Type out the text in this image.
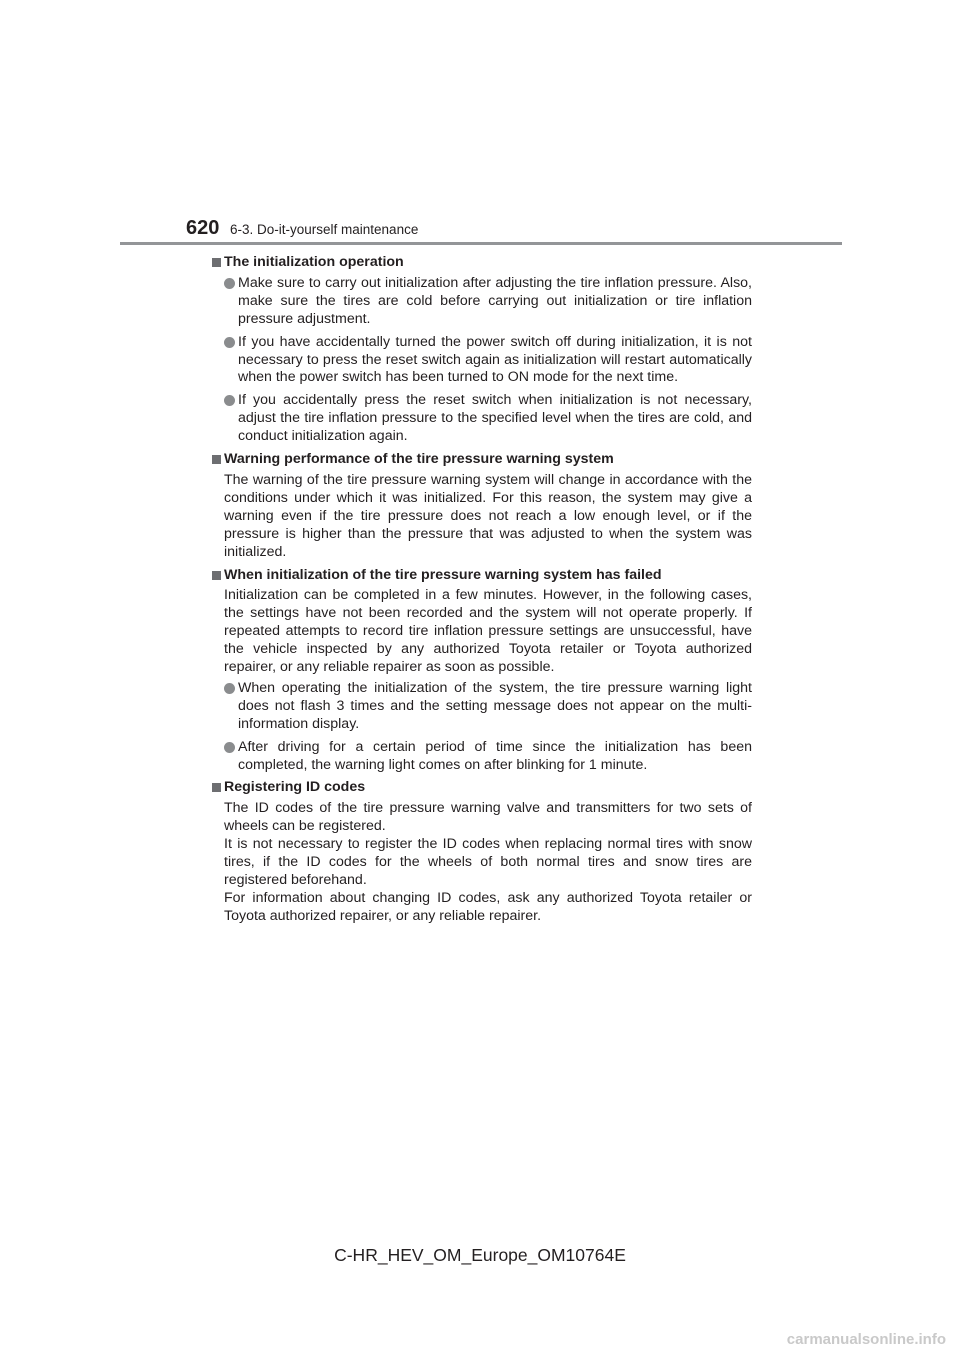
620 6-3. Do-it-yourself maintenance
The initialization operation
Make sure to carry out initialization after adjusting the tire inflation pressure. Also, make sure the tires are cold before carrying out initialization or tire inflation pressure adjustment.
If you have accidentally turned the power switch off during initialization, it is not necessary to press the reset switch again as initialization will restart automatically when the power switch has been turned to ON mode for the next time.
If you accidentally press the reset switch when initialization is not necessary, adjust the tire inflation pressure to the specified level when the tires are cold, and conduct initialization again.
Warning performance of the tire pressure warning system
The warning of the tire pressure warning system will change in accordance with the conditions under which it was initialized. For this reason, the system may give a warning even if the tire pressure does not reach a low enough level, or if the pressure is higher than the pressure that was adjusted to when the system was initialized.
When initialization of the tire pressure warning system has failed
Initialization can be completed in a few minutes. However, in the following cases, the settings have not been recorded and the system will not operate properly. If repeated attempts to record tire inflation pressure settings are unsuccessful, have the vehicle inspected by any authorized Toyota retailer or Toyota authorized repairer, or any reliable repairer as soon as possible.
When operating the initialization of the system, the tire pressure warning light does not flash 3 times and the setting message does not appear on the multi-information display.
After driving for a certain period of time since the initialization has been completed, the warning light comes on after blinking for 1 minute.
Registering ID codes
The ID codes of the tire pressure warning valve and transmitters for two sets of wheels can be registered.
It is not necessary to register the ID codes when replacing normal tires with snow tires, if the ID codes for the wheels of both normal tires and snow tires are registered beforehand.
For information about changing ID codes, ask any authorized Toyota retailer or Toyota authorized repairer, or any reliable repairer.
C-HR_HEV_OM_Europe_OM10764E
carmanualsonline.info
